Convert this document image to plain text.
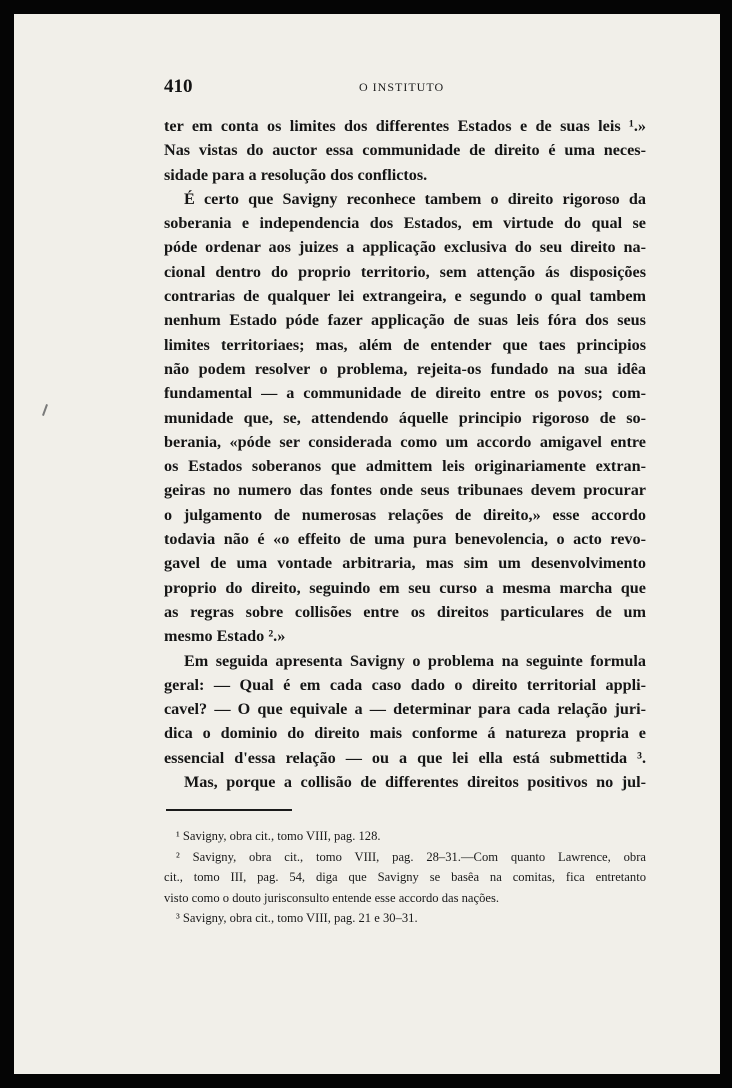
410	O INSTITUTO
ter em conta os limites dos differentes Estados e de suas leis ¹.»
Nas vistas do auctor essa communidade de direito é uma neces-
sidade para a resolução dos conflictos.
É certo que Savigny reconhece tambem o direito rigoroso da
soberania e independencia dos Estados, em virtude do qual se
póde ordenar aos juizes a applicação exclusiva do seu direito na-
cional dentro do proprio territorio, sem attenção ás disposições
contrarias de qualquer lei extrangeira, e segundo o qual tambem
nenhum Estado póde fazer applicação de suas leis fóra dos seus
limites territoriaes; mas, além de entender que taes principios
não podem resolver o problema, rejeita-os fundado na sua idêa
fundamental — a communidade de direito entre os povos; com-
munidade que, se, attendendo áquelle principio rigoroso de so-
berania, «póde ser considerada como um accordo amigavel entre
os Estados soberanos que admittem leis originariamente extran-
geiras no numero das fontes onde seus tribunaes devem procurar
o julgamento de numerosas relações de direito,» esse accordo
todavia não é «o effeito de uma pura benevolencia, o acto revo-
gavel de uma vontade arbitraria, mas sim um desenvolvimento
proprio do direito, seguindo em seu curso a mesma marcha que
as regras sobre collisões entre os direitos particulares de um
mesmo Estado ².»
Em seguida apresenta Savigny o problema na seguinte formula
geral: — Qual é em cada caso dado o direito territorial appli-
cavel? — O que equivale a — determinar para cada relação juri-
dica o dominio do direito mais conforme á natureza propria e
essencial d'essa relação — ou a que lei ella está submettida ³.
Mas, porque a collisão de differentes direitos positivos no jul-
¹ Savigny, obra cit., tomo VIII, pag. 128.
² Savigny, obra cit., tomo VIII, pag. 28–31.—Com quanto Lawrence, obra
cit., tomo III, pag. 54, diga que Savigny se basêa na comitas, fica entretanto
visto como o douto jurisconsulto entende esse accordo das nações.
³ Savigny, obra cit., tomo VIII, pag. 21 e 30–31.
